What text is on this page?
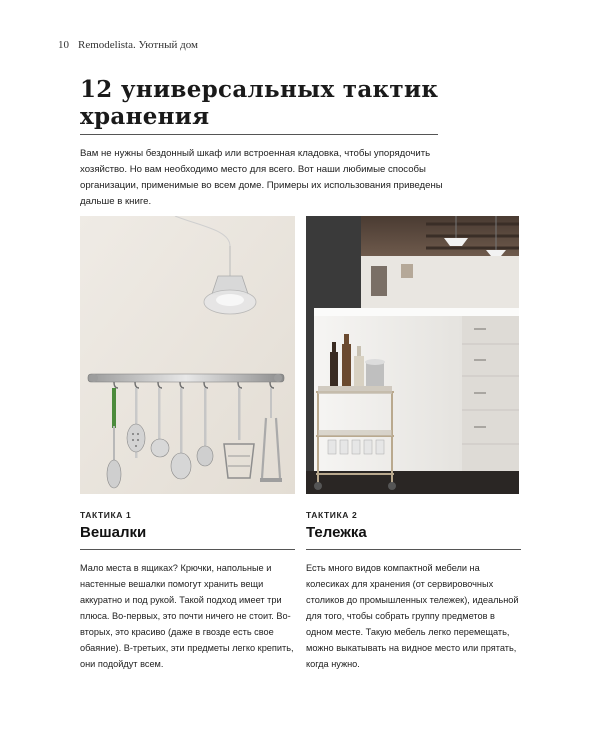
10 Remodelista. Уютный дом
12 универсальных тактик
хранения

Вам не нужны бездонный шкаф или встроенная кладовка, чтобы упорядочить хозяйство. Но вам необходимо место для всего. Вот наши любимые способы организации, применимые во всем доме. Примеры их использования приведены дальше в книге.

ТАКТИКА 1

Вешалки

Мало места в ящиках? Крючки, напольные и настенные вешалки помогут хранить вещи аккуратно и под рукой. Такой подход имеет три плюса. Во-первых, это почти ничего не стоит. Во-вторых, это красиво (даже в гвозде есть свое обаяние). В-третьих, эти предметы легко крепить, они подойдут всем.

ТАКТИКА 2

Тележка

Есть много видов компактной мебели на колесиках для хранения (от сервировочных столиков до промышленных тележек), идеальной для того, чтобы собрать группу предметов в одном месте. Такую мебель легко перемещать, можно выкатывать на видное место или прятать, когда нужно.
